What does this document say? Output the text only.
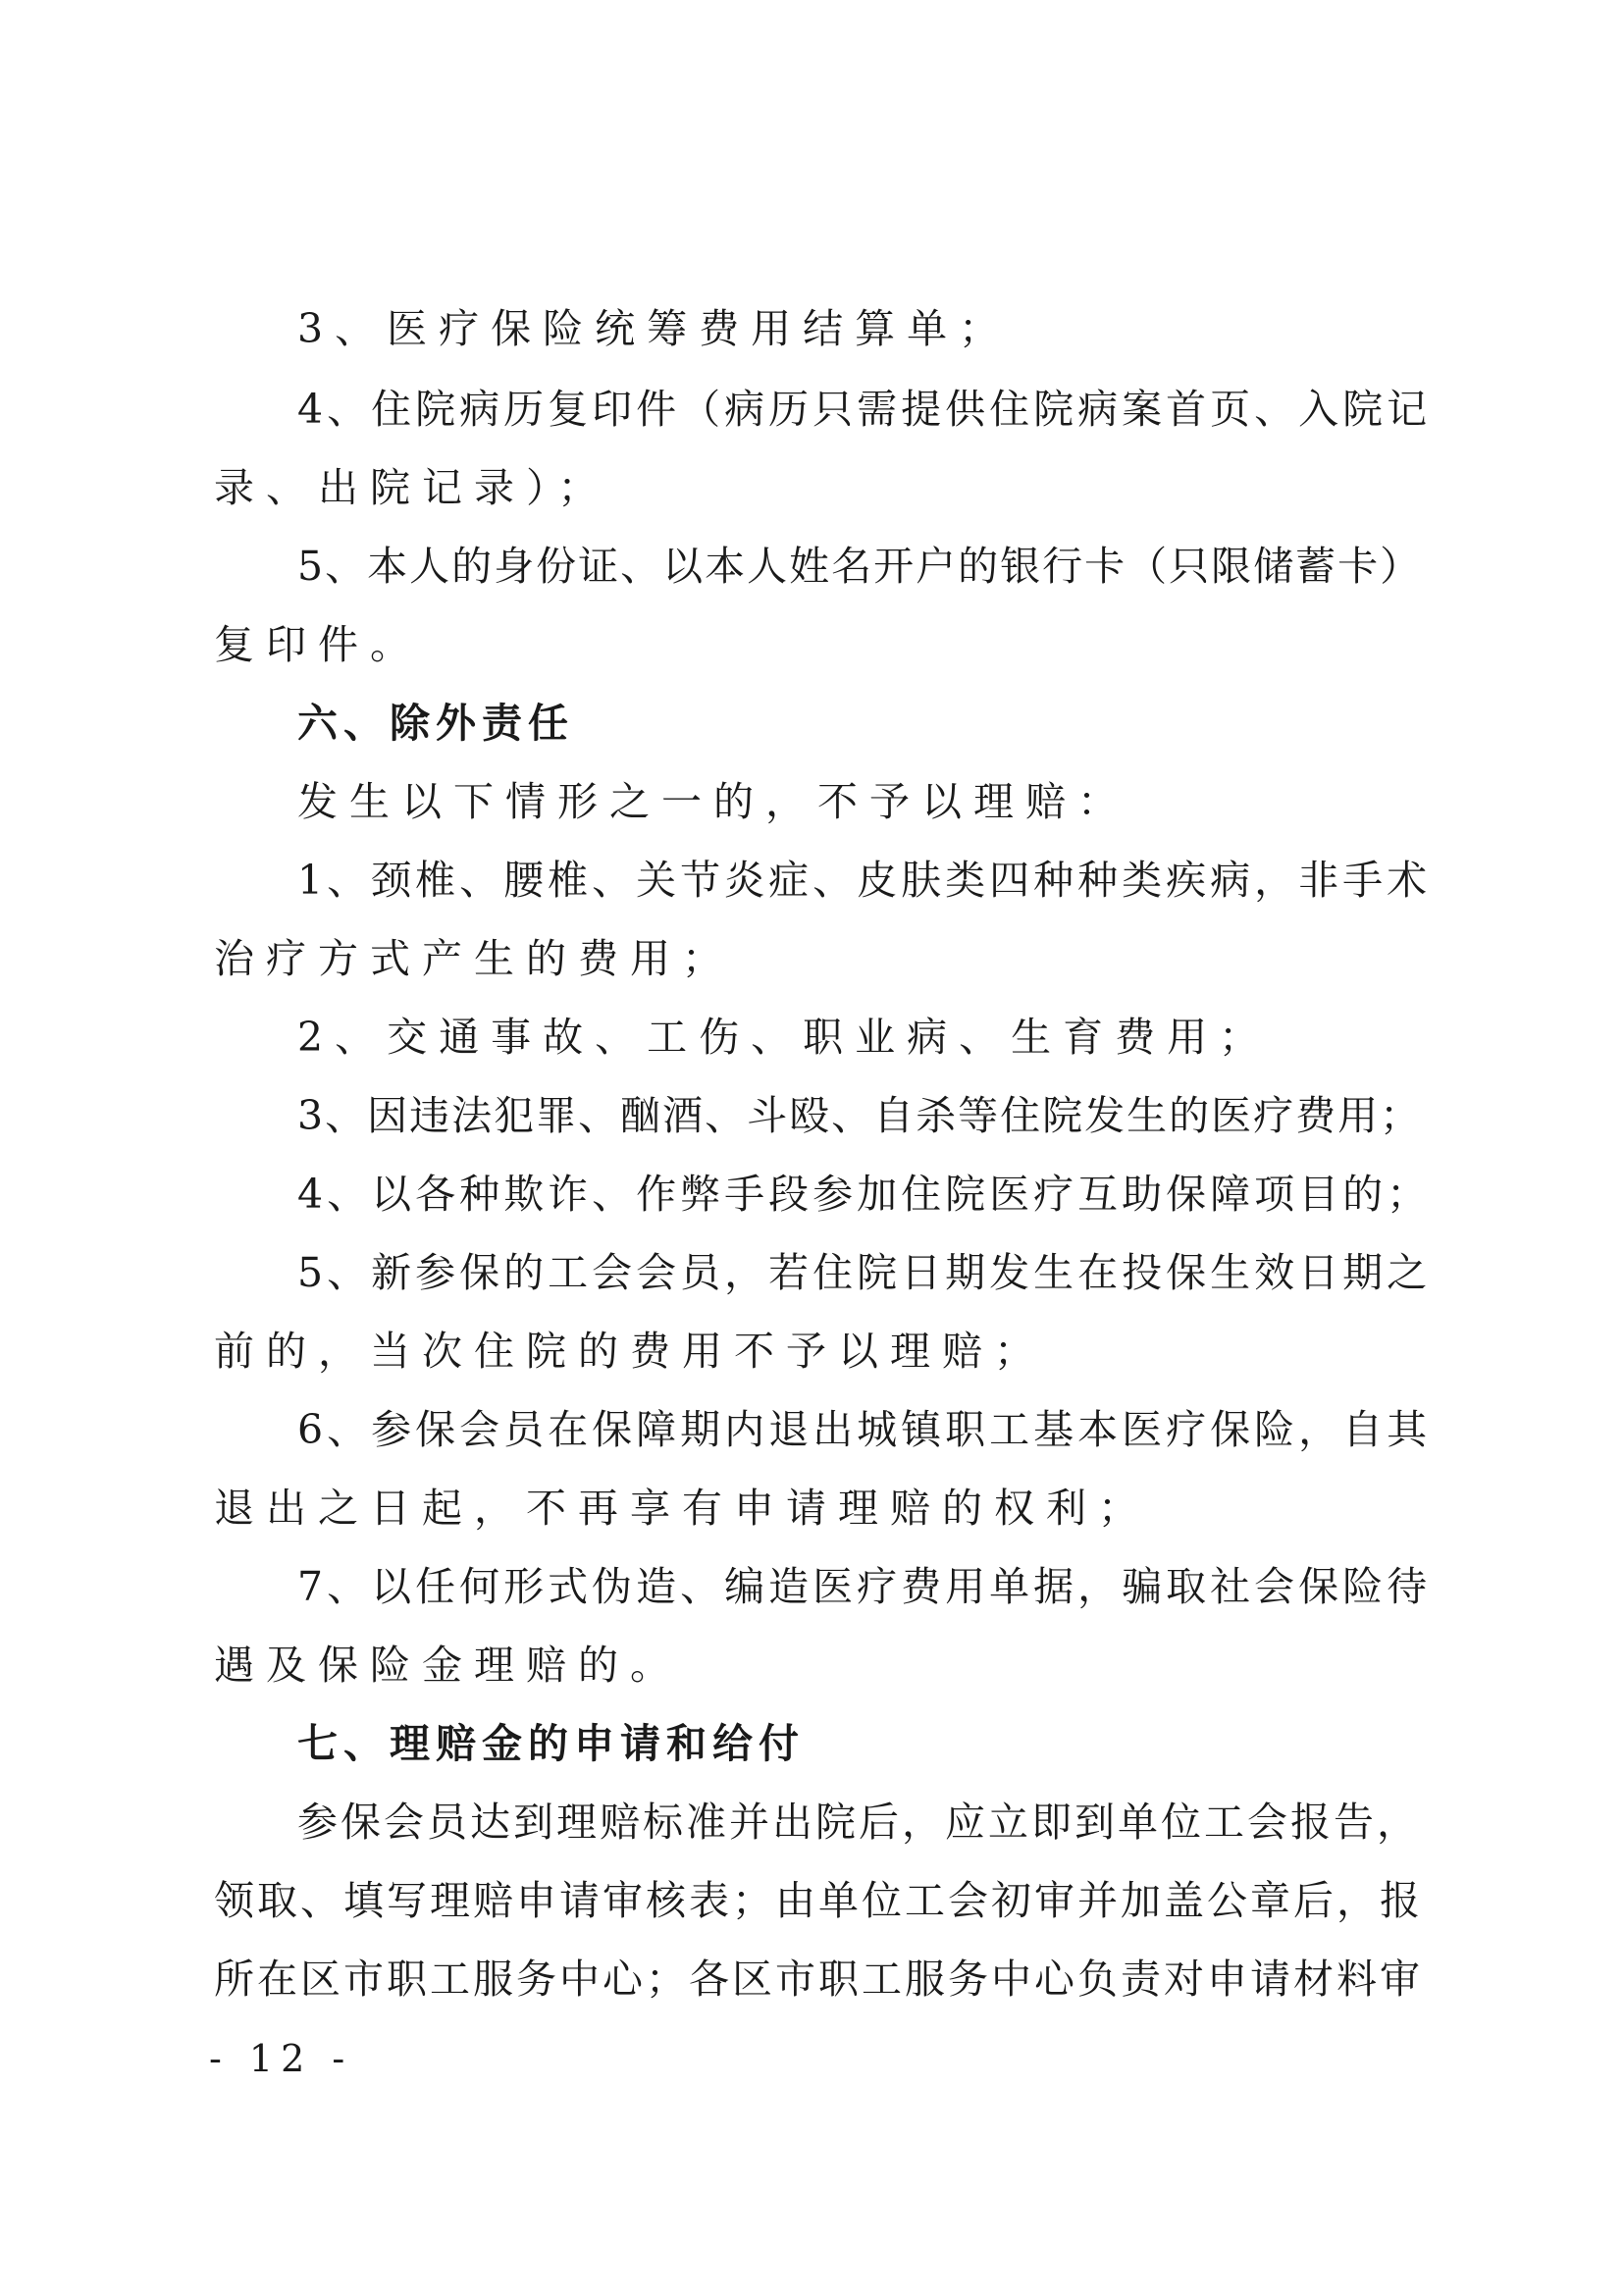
3、医疗保险统筹费用结算单；
4、住院病历复印件（病历只需提供住院病案首页、入院记
录、出院记录）；
5、本人的身份证、以本人姓名开户的银行卡（只限储蓄卡）
复印件。
六、除外责任
发生以下情形之一的，不予以理赔：
1、颈椎、腰椎、关节炎症、皮肤类四种种类疾病，非手术
治疗方式产生的费用；
2、交通事故、工伤、职业病、生育费用；
3、因违法犯罪、酗酒、斗殴、自杀等住院发生的医疗费用；
4、以各种欺诈、作弊手段参加住院医疗互助保障项目的；
5、新参保的工会会员，若住院日期发生在投保生效日期之
前的，当次住院的费用不予以理赔；
6、参保会员在保障期内退出城镇职工基本医疗保险，自其
退出之日起，不再享有申请理赔的权利；
7、以任何形式伪造、编造医疗费用单据，骗取社会保险待
遇及保险金理赔的。
七、理赔金的申请和给付
参保会员达到理赔标准并出院后，应立即到单位工会报告，
领取、填写理赔申请审核表；由单位工会初审并加盖公章后，报
所在区市职工服务中心；各区市职工服务中心负责对申请材料审
- 12 -
